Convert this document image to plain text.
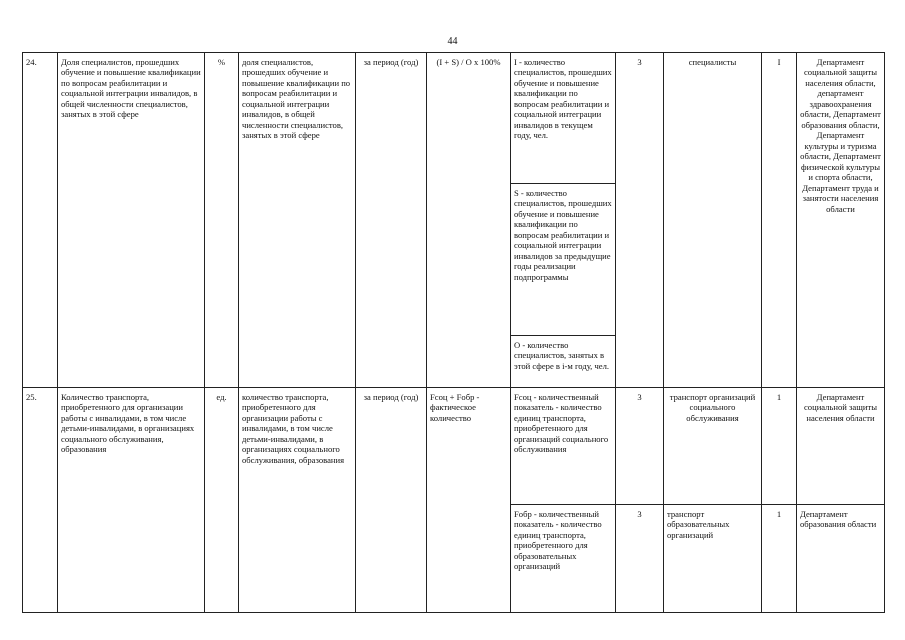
44
24.	Доля специалистов, прошедших обучение и повышение квалификации по вопросам реабилитации и социальной интеграции инвалидов, в общей численности специалистов, занятых в этой сфере	%	доля специалистов, прошедших обучение и повышение квалификации по вопросам реабилитации и социальной интеграции инвалидов, в общей численности специалистов, занятых в этой сфере	за период (год)	(I + S) / O x 100%	I - количество специалистов, прошедших обучение и повышение квалификации по вопросам реабилитации и социальной интеграции инвалидов в текущем году, чел.	3	специалисты	I	Департамент социальной защиты населения области, департамент здравоохранения области, Департамент образования области, Департамент культуры и туризма области, Департамент физической культуры и спорта области, Департамент труда и занятости населения области
						S - количество специалистов, прошедших обучение и повышение квалификации по вопросам реабилитации и социальной интеграции инвалидов за предыдущие годы реализации подпрограммы				
						O - количество специалистов, занятых в этой сфере в i-м году, чел.				
25.	Количество транспорта, приобретенного для организации работы с инвалидами, в том числе детьми-инвалидами, в организациях социального обслуживания, образования	ед.	количество транспорта, приобретенного для организации работы с инвалидами, в том числе детьми-инвалидами, в организациях социального обслуживания, образования	за период (год)	Fсоц + Fобр - фактическое количество	Fсоц - количественный показатель - количество единиц транспорта, приобретенного для организаций социального обслуживания	3	транспорт организаций социального обслуживания	1	Департамент социальной защиты населения области
						Fобр - количественный показатель - количество единиц транспорта, приобретенного для образовательных организаций	3	транспорт образовательных организаций	1	Департамент образования области
